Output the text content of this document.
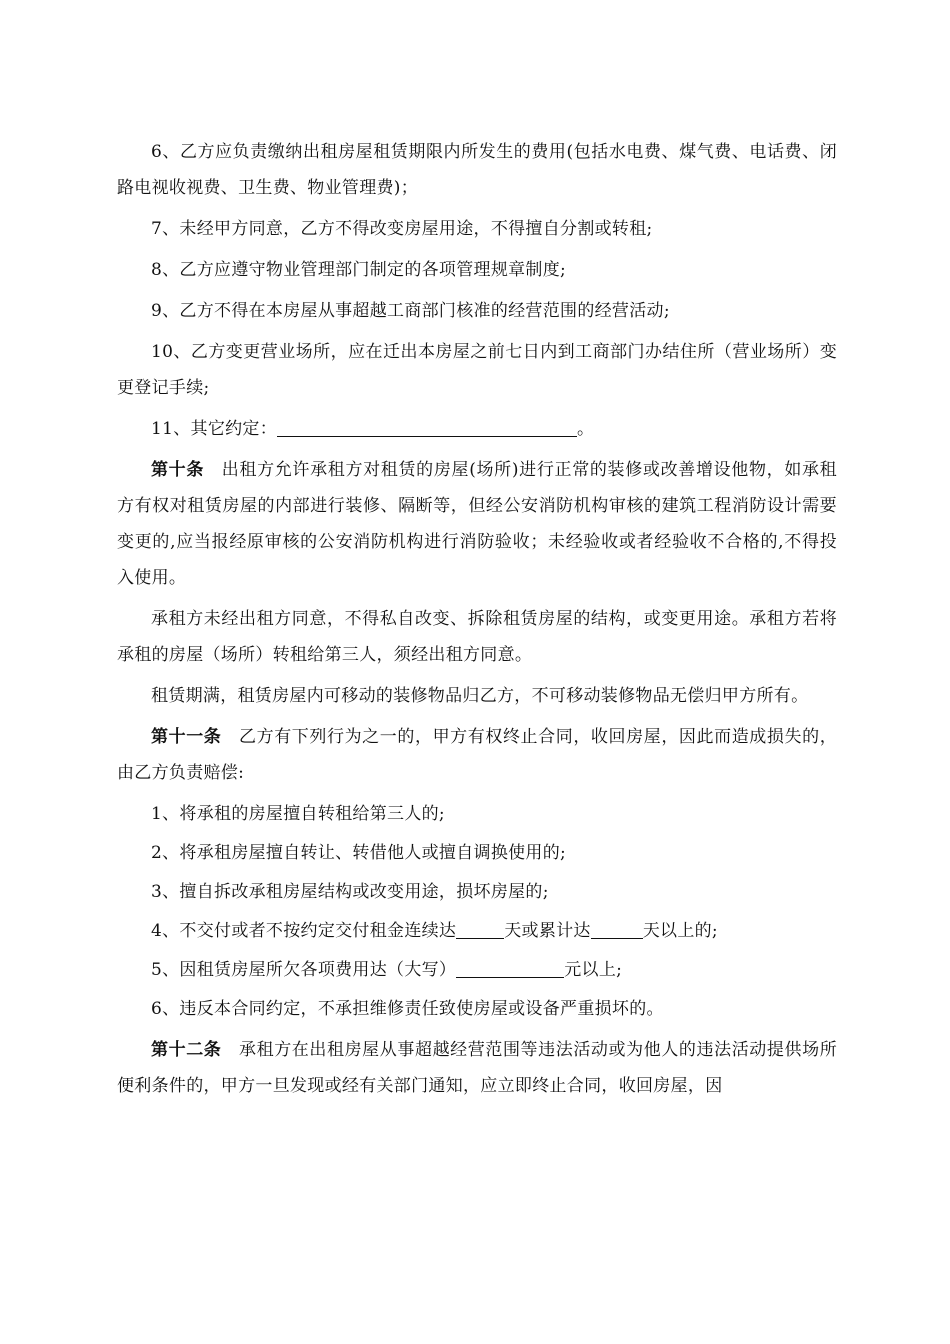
6、乙方应负责缴纳出租房屋租赁期限内所发生的费用(包括水电费、煤气费、电话费、闭路电视收视费、卫生费、物业管理费)；

7、未经甲方同意，乙方不得改变房屋用途，不得擅自分割或转租;

8、乙方应遵守物业管理部门制定的各项管理规章制度;

9、乙方不得在本房屋从事超越工商部门核准的经营范围的经营活动;

10、乙方变更营业场所，应在迁出本房屋之前七日内到工商部门办结住所（营业场所）变更登记手续;

11、其它约定：	。

第十条　 出租方允许承租方对租赁的房屋(场所)进行正常的装修或改善增设他物，如承租方有权对租赁房屋的内部进行装修、隔断等，但经公安消防机构审核的建筑工程消防设计需要变更的,应当报经原审核的公安消防机构进行消防验收；未经验收或者经验收不合格的,不得投入使用。

承租方未经出租方同意，不得私自改变、拆除租赁房屋的结构，或变更用途。承租方若将承租的房屋（场所）转租给第三人，须经出租方同意。

租赁期满，租赁房屋内可移动的装修物品归乙方，不可移动装修物品无偿归甲方所有。

第十一条　 乙方有下列行为之一的，甲方有权终止合同，收回房屋，因此而造成损失的，由乙方负责赔偿:

1、将承租的房屋擅自转租给第三人的;

2、将承租房屋擅自转让、转借他人或擅自调换使用的;

3、擅自拆改承租房屋结构或改变用途，损坏房屋的;

4、不交付或者不按约定交付租金连续达	天或累计达	天以上的;

5、因租赁房屋所欠各项费用达（大写）	元以上;

6、违反本合同约定，不承担维修责任致使房屋或设备严重损坏的。

第十二条　 承租方在出租房屋从事超越经营范围等违法活动或为他人的违法活动提供场所便利条件的，甲方一旦发现或经有关部门通知，应立即终止合同，收回房屋，因
